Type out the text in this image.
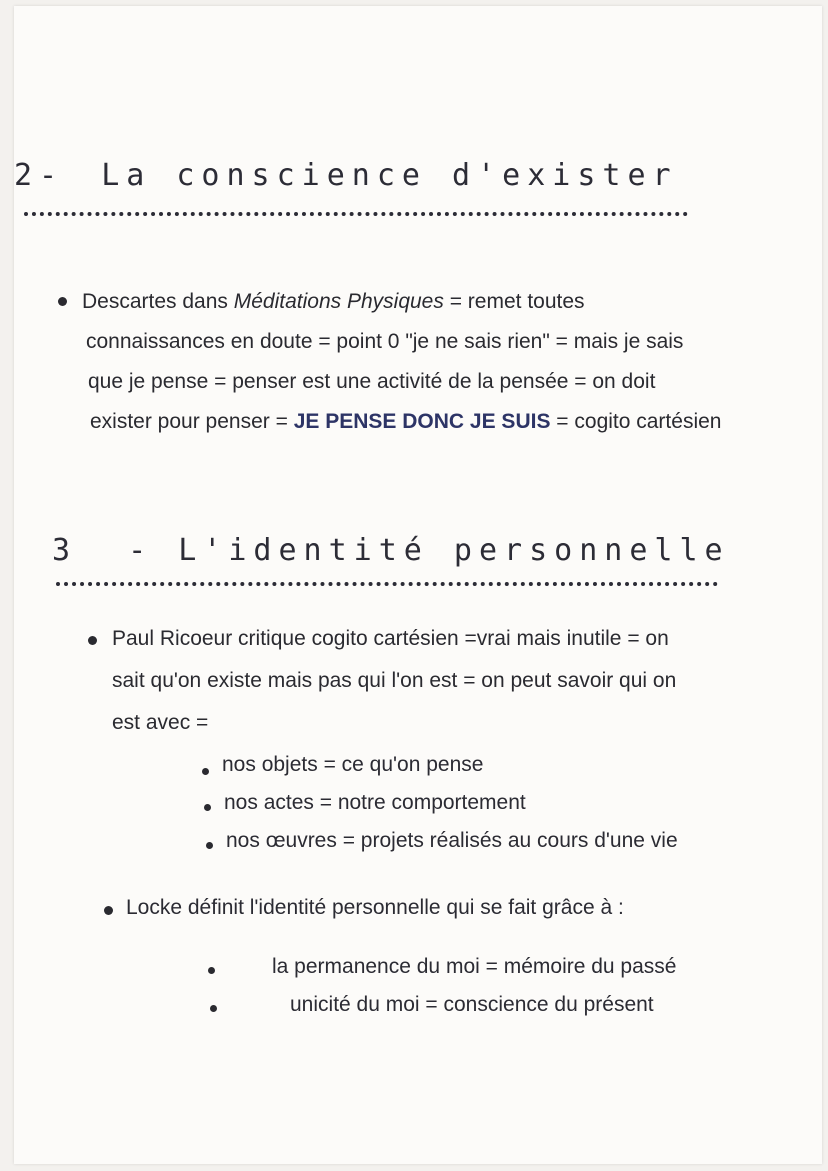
2- La conscience d'exister
Descartes dans Méditations Physiques = remet toutes
connaissances en doute = point 0 "je ne sais rien" = mais je sais
que je pense = penser est une activité de la pensée = on doit
exister pour penser = JE PENSE DONC JE SUIS = cogito cartésien
3 - L'identité personnelle
Paul Ricoeur critique cogito cartésien =vrai mais inutile = on
sait qu'on existe mais pas qui l'on est = on peut savoir qui on
est avec =
nos objets = ce qu'on pense
nos actes = notre comportement
nos œuvres = projets réalisés au cours d'une vie
Locke définit l'identité personnelle qui se fait grâce à :
la permanence du moi = mémoire du passé
unicité du moi = conscience du présent
